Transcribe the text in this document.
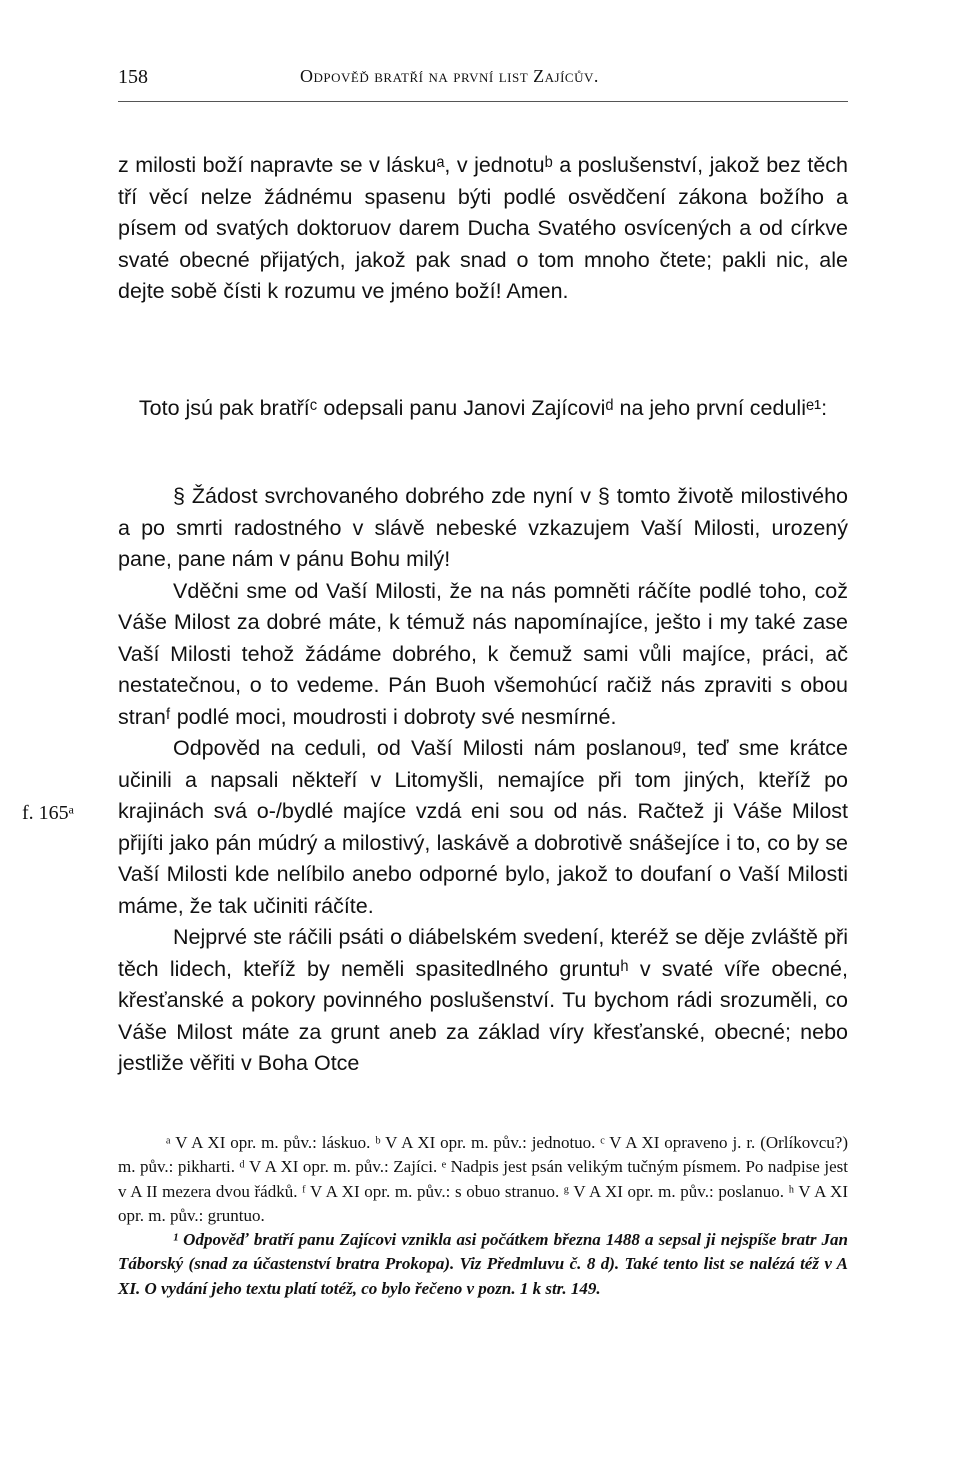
158	Odpověď bratří na první list Zajícův.

z milosti boží napravte se v láskuᵃ, v jednotuᵇ a poslušenství, jakož bez těch tří věcí nelze žádnému spasenu býti podlé osvědčení zákona božího a písem od svatých doktoruov darem Ducha Svatého osvícených a od církve svaté obecné přijatých, jakož pak snad o tom mnoho čtete; pakli nic, ale dejte sobě čísti k rozumu ve jméno boží! Amen.

Toto jsú pak bratříᶜ odepsali panu Janovi Zajícoviᵈ na jeho první ceduliᵉ¹:

§ Žádost svrchovaného dobrého zde nyní v § tomto životě milostivého a po smrti radostného v slávě nebeské vzkazujem Vaší Milosti, urozený pane, pane nám v pánu Bohu milý!

Vděčni sme od Vaší Milosti, že na nás pomněti ráčíte podlé toho, což Váše Milost za dobré máte, k témuž nás napomínajíce, ješto i my také zase Vaší Milosti tehož žádáme dobrého, k čemuž sami vůli majíce, práci, ač nestatečnou, o to vedeme. Pán Buoh všemohúcí račiž nás zpraviti s obou stranᶠ podlé moci, moudrosti i dobroty své nesmírné.

Odpověd na ceduli, od Vaší Milosti nám poslanouᵍ, teď sme krátce učinili a napsali někteří v Litomyšli, nemajíce při tom jiných, kteříž po krajinách svá o-/bydlé majíce vzdá eni sou od nás. Račtež ji Váše Milost přijíti jako pán múdrý a milostivý, laskávě a dobrotivě snášejíce i to, co by se Vaší Milosti kde nelíbilo anebo odporné bylo, jakož to doufaní o Vaší Milosti máme, že tak učiniti ráčíte.

Nejprvé ste ráčili psáti o diábelském svedení, kteréž se děje zvláště při těch lidech, kteříž by neměli spasitedlného gruntuʰ v svaté víře obecné, křesťanské a pokory povinného poslušenství. Tu bychom rádi srozuměli, co Váše Milost máte za grunt aneb za základ víry křesťanské, obecné; nebo jestliže věřiti v Boha Otce

f. 165ᵃ

ᵃ V A XI opr. m. pův.: láskuo. ᵇ V A XI opr. m. pův.: jednotuo. ᶜ V A XI opraveno j. r. (Orlíkovcu?) m. pův.: pikharti. ᵈ V A XI opr. m. pův.: Zajíci. ᵉ Nadpis jest psán velikým tučným písmem. Po nadpise jest v A II mezera dvou řádků. ᶠ V A XI opr. m. pův.: s obuo stranuo. ᵍ V A XI opr. m. pův.: poslanuo. ʰ V A XI opr. m. pův.: gruntuo.

¹ Odpověď bratří panu Zajícovi vznikla asi počátkem března 1488 a sepsal ji nejspíše bratr Jan Táborský (snad za účastenství bratra Prokopa). Viz Předmluvu č. 8 d). Také tento list se nalézá též v A XI. O vydání jeho textu platí totéž, co bylo řečeno v pozn. 1 k str. 149.
